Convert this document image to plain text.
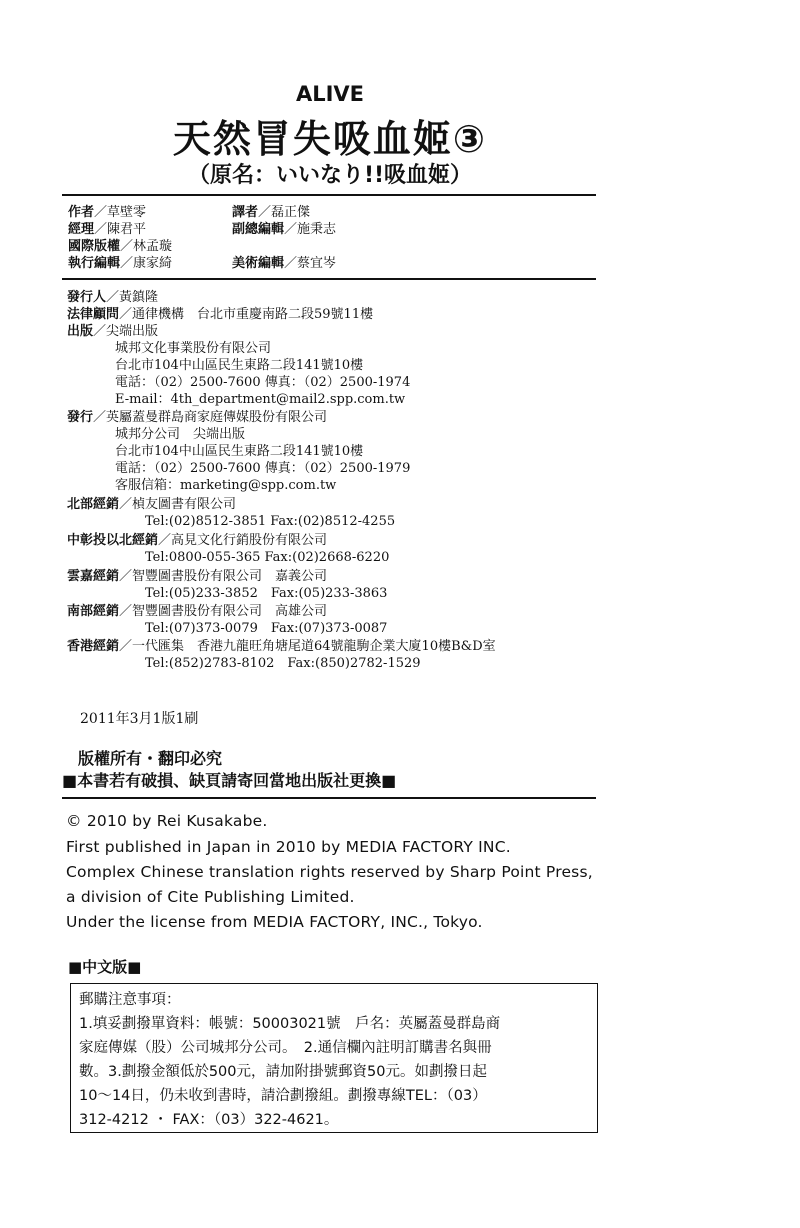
ALIVE
天然冒失吸血姬③
（原名：いいなり!!吸血姬）
作者／草壁零	譯者／磊正傑
經理／陳君平	副總編輯／施秉志
國際版權／林孟璇
執行編輯／康家綺	美術編輯／蔡宜岑
發行人／黃鎮隆
法律顧問／通律機構　台北市重慶南路二段59號11樓
出版／尖端出版
城邦文化事業股份有限公司
台北市104中山區民生東路二段141號10樓
電話：（02）2500-7600 傳真：（02）2500-1974
E-mail：4th_department@mail2.spp.com.tw
發行／英屬蓋曼群島商家庭傳媒股份有限公司
城邦分公司　尖端出版
台北市104中山區民生東路二段141號10樓
電話：（02）2500-7600 傳真：（02）2500-1979
客服信箱：marketing@spp.com.tw
北部經銷／楨友圖書有限公司
Tel:(02)8512-3851 Fax:(02)8512-4255
中彰投以北經銷／高見文化行銷股份有限公司
Tel:0800-055-365 Fax:(02)2668-6220
雲嘉經銷／智豐圖書股份有限公司　嘉義公司
Tel:(05)233-3852　Fax:(05)233-3863
南部經銷／智豐圖書股份有限公司　高雄公司
Tel:(07)373-0079　Fax:(07)373-0087
香港經銷／一代匯集　香港九龍旺角塘尾道64號龍駒企業大廈10樓B&D室
Tel:(852)2783-8102　Fax:(850)2782-1529
2011年3月1版1刷
版權所有・翻印必究
■本書若有破損、缺頁請寄回當地出版社更換■
© 2010 by Rei Kusakabe.
First published in Japan in 2010 by MEDIA FACTORY INC.
Complex Chinese translation rights reserved by Sharp Point Press,
a division of Cite Publishing Limited.
Under the license from MEDIA FACTORY, INC., Tokyo.
■中文版■
郵購注意事項：
1.填妥劃撥單資料：帳號：50003021號　戶名：英屬蓋曼群島商
家庭傳媒（股）公司城邦分公司。　2.通信欄內註明訂購書名與冊
數。3.劃撥金額低於500元，請加附掛號郵資50元。如劃撥日起
10～14日，仍未收到書時，請洽劃撥組。劃撥專線TEL：（03）
312-4212 ・ FAX：（03）322-4621。
